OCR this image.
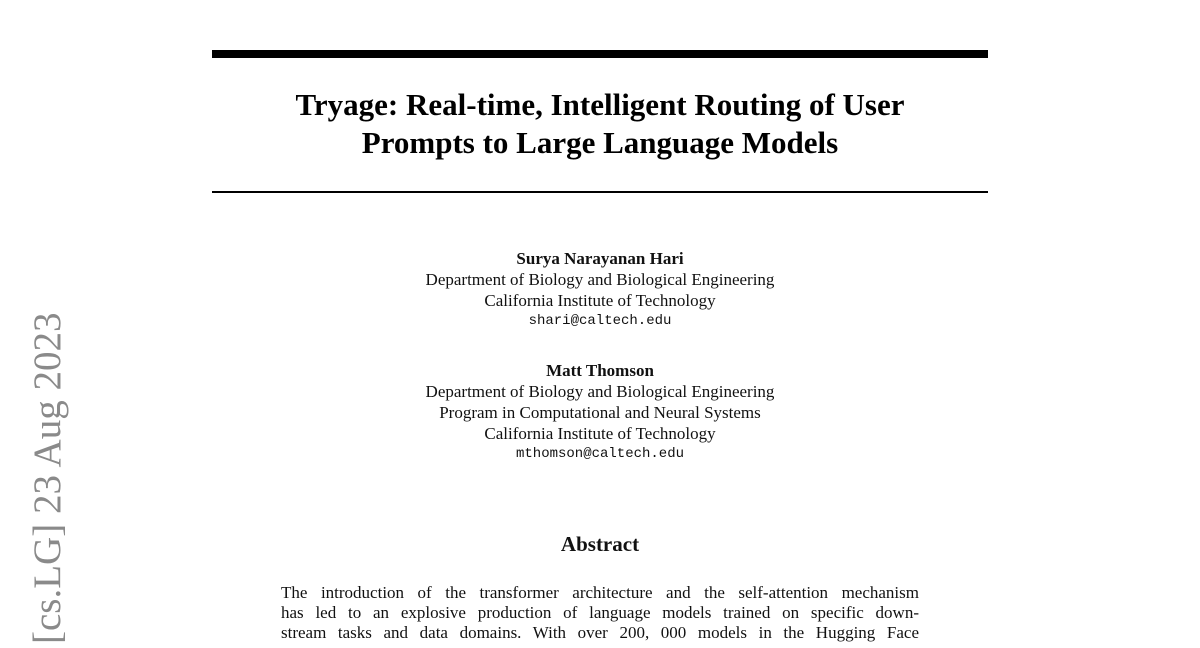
Tryage: Real-time, Intelligent Routing of User
Prompts to Large Language Models
Surya Narayanan Hari
Department of Biology and Biological Engineering
California Institute of Technology
shari@caltech.edu
Matt Thomson
Department of Biology and Biological Engineering
Program in Computational and Neural Systems
California Institute of Technology
mthomson@caltech.edu
Abstract
The introduction of the transformer architecture and the self-attention mechanism
has led to an explosive production of language models trained on specific down-
stream tasks and data domains. With over 200, 000 models in the Hugging Face
[cs.LG] 23 Aug 2023
